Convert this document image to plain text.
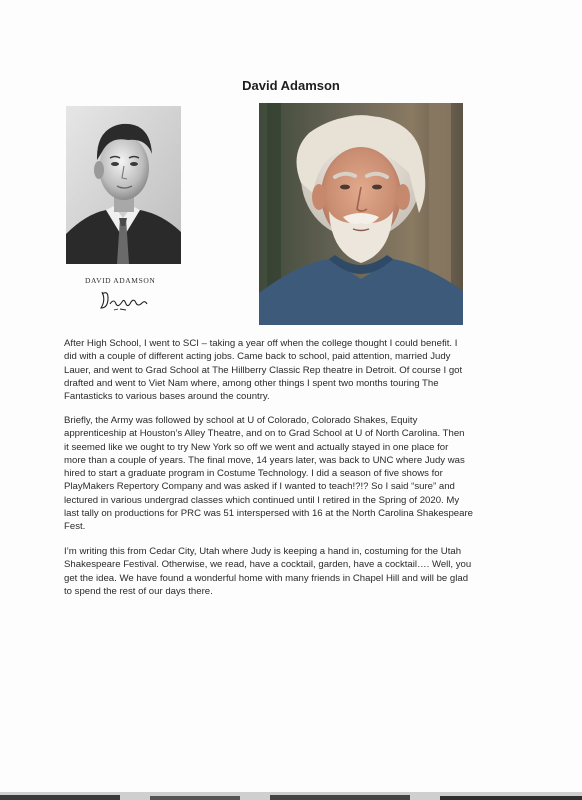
David Adamson
DAVID ADAMSON
After High School, I went to SCI – taking a year off when the college thought I could benefit. I
did with a couple of different acting jobs. Came back to school, paid attention, married Judy
Lauer, and went to Grad School at The Hillberry Classic Rep theatre in Detroit. Of course I got
drafted and went to Viet Nam where, among other things I spent two months touring The
Fantasticks to various bases around the country.
Briefly, the Army was followed by school at U of Colorado, Colorado Shakes, Equity
apprenticeship at Houston’s Alley Theatre, and on to Grad School at U of North Carolina. Then
it seemed like we ought to try New York so off we went and actually stayed in one place for
more than a couple of years. The final move, 14 years later, was back to UNC where Judy was
hired to start a graduate program in Costume Technology. I did a season of five shows for
PlayMakers Repertory Company and was asked if I wanted to teach!?!? So I said “sure” and
lectured in various undergrad classes which continued until I retired in the Spring of 2020. My
last tally on productions for PRC was 51 interspersed with 16 at the North Carolina Shakespeare
Fest.
I’m writing this from Cedar City, Utah where Judy is keeping a hand in, costuming for the Utah
Shakespeare Festival. Otherwise, we read, have a cocktail, garden, have a cocktail…. Well, you
get the idea. We have found a wonderful home with many friends in Chapel Hill and will be glad
to spend the rest of our days there.
